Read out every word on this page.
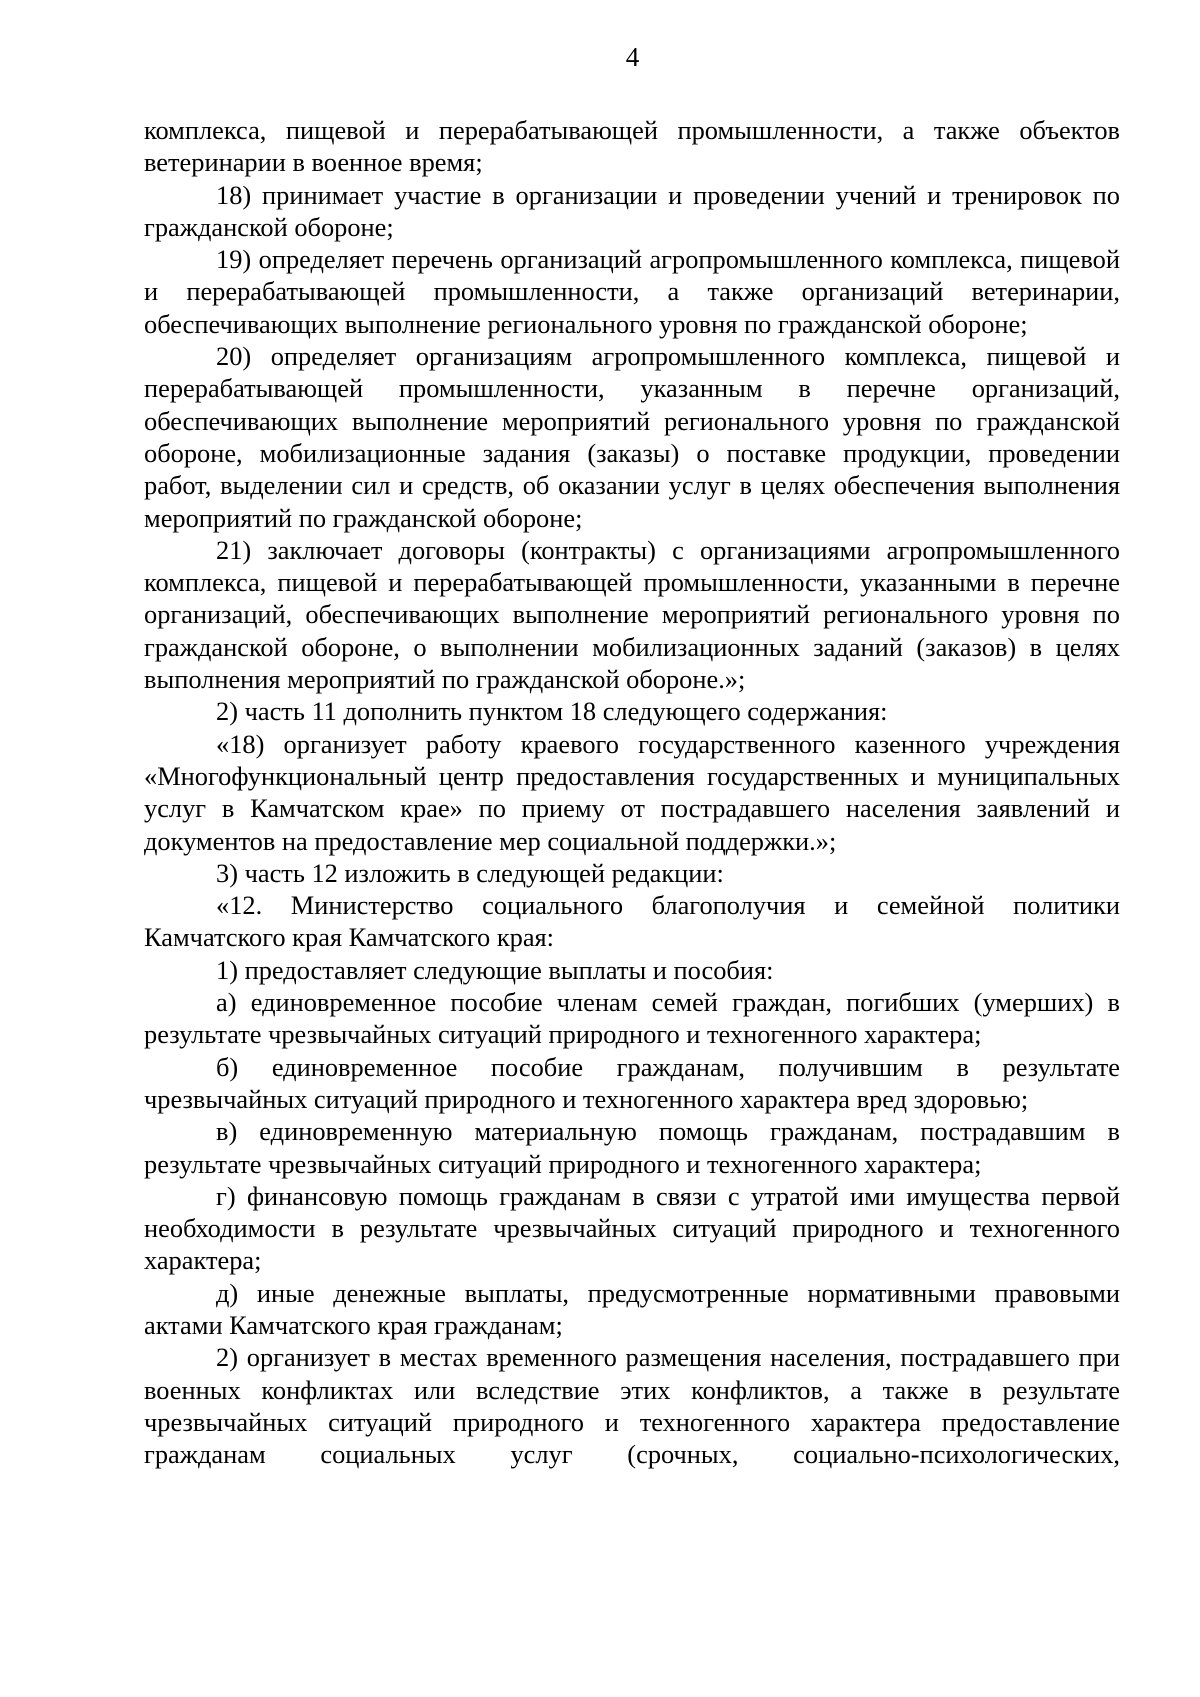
4

комплекса, пищевой и перерабатывающей промышленности, а также объектов ветеринарии в военное время;

18) принимает участие в организации и проведении учений и тренировок по гражданской обороне;

19) определяет перечень организаций агропромышленного комплекса, пищевой и перерабатывающей промышленности, а также организаций ветеринарии, обеспечивающих выполнение регионального уровня по гражданской обороне;

20) определяет организациям агропромышленного комплекса, пищевой и перерабатывающей промышленности, указанным в перечне организаций, обеспечивающих выполнение мероприятий регионального уровня по гражданской обороне, мобилизационные задания (заказы) о поставке продукции, проведении работ, выделении сил и средств, об оказании услуг в целях обеспечения выполнения мероприятий по гражданской обороне;

21) заключает договоры (контракты) с организациями агропромышленного комплекса, пищевой и перерабатывающей промышленности, указанными в перечне организаций, обеспечивающих выполнение мероприятий регионального уровня по гражданской обороне, о выполнении мобилизационных заданий (заказов) в целях выполнения мероприятий по гражданской обороне.»;

2) часть 11 дополнить пунктом 18 следующего содержания:

«18) организует работу краевого государственного казенного учреждения «Многофункциональный центр предоставления государственных и муниципальных услуг в Камчатском крае» по приему от пострадавшего населения заявлений и документов на предоставление мер социальной поддержки.»;

3) часть 12 изложить в следующей редакции:

«12. Министерство социального благополучия и семейной политики Камчатского края Камчатского края:

1) предоставляет следующие выплаты и пособия:

а) единовременное пособие членам семей граждан, погибших (умерших) в результате чрезвычайных ситуаций природного и техногенного характера;

б) единовременное пособие гражданам, получившим в результате чрезвычайных ситуаций природного и техногенного характера вред здоровью;

в) единовременную материальную помощь гражданам, пострадавшим в результате чрезвычайных ситуаций природного и техногенного характера;

г) финансовую помощь гражданам в связи с утратой ими имущества первой необходимости в результате чрезвычайных ситуаций природного и техногенного характера;

д) иные денежные выплаты, предусмотренные нормативными правовыми актами Камчатского края гражданам;

2) организует в местах временного размещения населения, пострадавшего при военных конфликтах или вследствие этих конфликтов, а также в результате чрезвычайных ситуаций природного и техногенного характера предоставление гражданам социальных услуг (срочных, социально-психологических,
